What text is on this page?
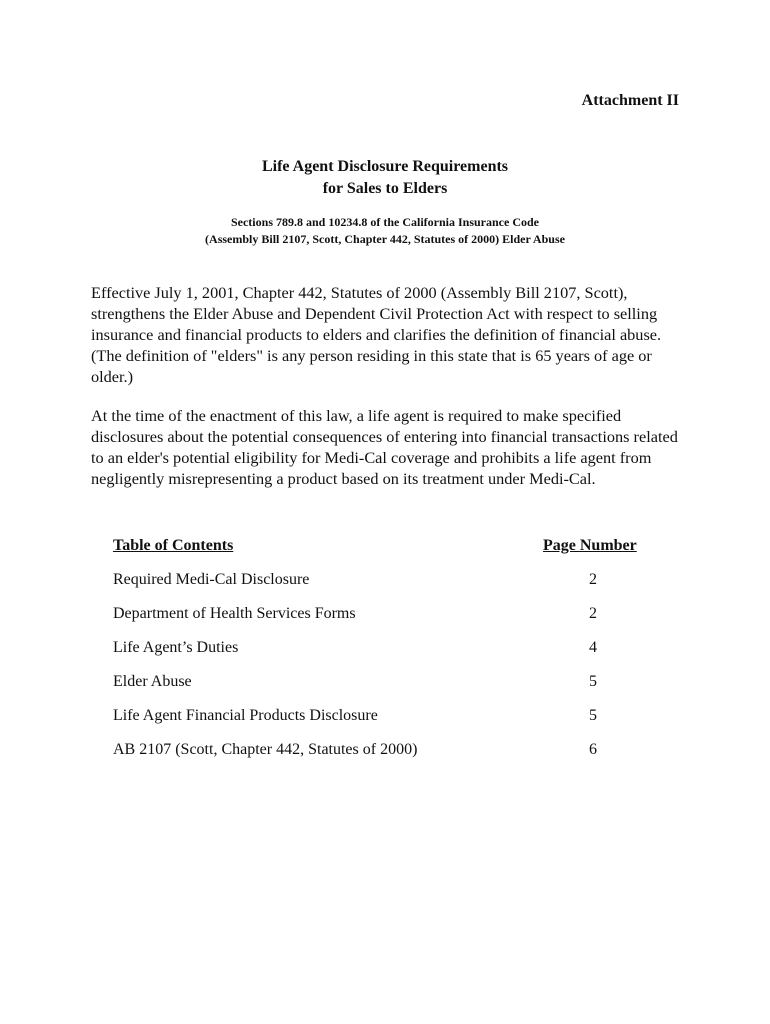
Attachment II
Life Agent Disclosure Requirements
for Sales to Elders
Sections 789.8 and 10234.8 of the California Insurance Code
(Assembly Bill 2107, Scott, Chapter 442, Statutes of 2000) Elder Abuse

Effective July 1, 2001, Chapter 442, Statutes of 2000 (Assembly Bill 2107, Scott), strengthens the Elder Abuse and Dependent Civil Protection Act with respect to selling insurance and financial products to elders and clarifies the definition of financial abuse. (The definition of "elders" is any person residing in this state that is 65 years of age or older.)

At the time of the enactment of this law, a life agent is required to make specified disclosures about the potential consequences of entering into financial transactions related to an elder's potential eligibility for Medi-Cal coverage and prohibits a life agent from negligently misrepresenting a product based on its treatment under Medi-Cal.

Table of Contents	Page Number
Required Medi-Cal Disclosure	2
Department of Health Services Forms	2
Life Agent’s Duties	4
Elder Abuse	5
Life Agent Financial Products Disclosure	5
AB 2107 (Scott, Chapter 442, Statutes of 2000)	6
